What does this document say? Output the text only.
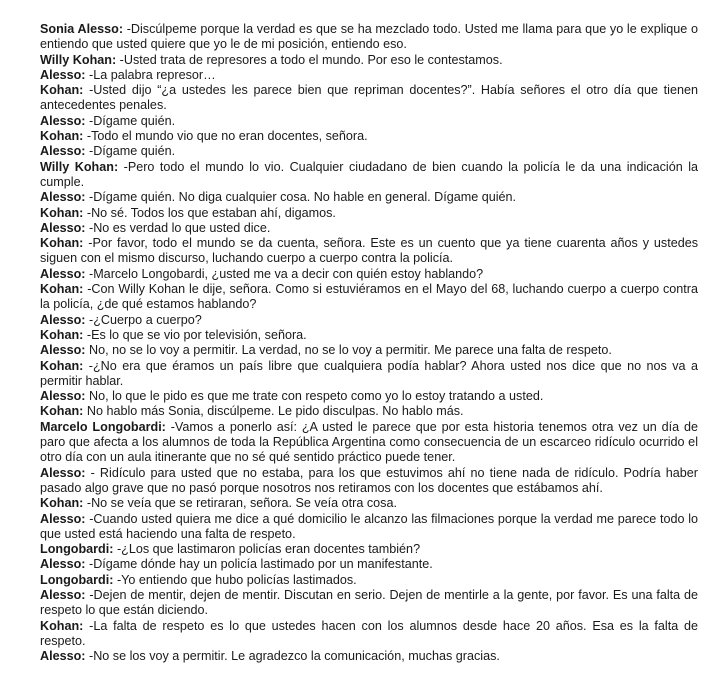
Sonia Alesso: -Discúlpeme porque la verdad es que se ha mezclado todo. Usted me llama para que yo le explique o entiendo que usted quiere que yo le de mi posición, entiendo eso.

Willy Kohan: -Usted trata de represores a todo el mundo. Por eso le contestamos.

Alesso: -La palabra represor…

Kohan: -Usted dijo “¿a ustedes les parece bien que repriman docentes?”. Había señores el otro día que tienen antecedentes penales.

Alesso: -Dígame quién.

Kohan: -Todo el mundo vio que no eran docentes, señora.

Alesso: -Dígame quién.

Willy Kohan: -Pero todo el mundo lo vio. Cualquier ciudadano de bien cuando la policía le da una indicación la cumple.

Alesso: -Dígame quién. No diga cualquier cosa. No hable en general. Dígame quién.

Kohan: -No sé. Todos los que estaban ahí, digamos.

Alesso: -No es verdad lo que usted dice.

Kohan: -Por favor, todo el mundo se da cuenta, señora. Este es un cuento que ya tiene cuarenta años y ustedes siguen con el mismo discurso, luchando cuerpo a cuerpo contra la policía.

Alesso: -Marcelo Longobardi, ¿usted me va a decir con quién estoy hablando?

Kohan: -Con Willy Kohan le dije, señora. Como si estuviéramos en el Mayo del 68, luchando cuerpo a cuerpo contra la policía, ¿de qué estamos hablando?

Alesso: -¿Cuerpo a cuerpo?

Kohan: -Es lo que se vio por televisión, señora.

Alesso: No, no se lo voy a permitir. La verdad, no se lo voy a permitir. Me parece una falta de respeto.

Kohan: -¿No era que éramos un país libre que cualquiera podía hablar? Ahora usted nos dice que no nos va a permitir hablar.

Alesso: No, lo que le pido es que me trate con respeto como yo lo estoy tratando a usted.

Kohan: No hablo más Sonia, discúlpeme. Le pido disculpas. No hablo más.

Marcelo Longobardi: -Vamos a ponerlo así: ¿A usted le parece que por esta historia tenemos otra vez un día de paro que afecta a los alumnos de toda la República Argentina como consecuencia de un escarceo ridículo ocurrido el otro día con un aula itinerante que no sé qué sentido práctico puede tener.

Alesso: - Ridículo para usted que no estaba, para los que estuvimos ahí no tiene nada de ridículo. Podría haber pasado algo grave que no pasó porque nosotros nos retiramos con los docentes que estábamos ahí.

Kohan: -No se veía que se retiraran, señora. Se veía otra cosa.

Alesso: -Cuando usted quiera me dice a qué domicilio le alcanzo las filmaciones porque la verdad me parece todo lo que usted está haciendo una falta de respeto.

Longobardi: -¿Los que lastimaron policías eran docentes también?

Alesso: -Dígame dónde hay un policía lastimado por un manifestante.

Longobardi: -Yo entiendo que hubo policías lastimados.

Alesso: -Dejen de mentir, dejen de mentir. Discutan en serio. Dejen de mentirle a la gente, por favor. Es una falta de respeto lo que están diciendo.

Kohan: -La falta de respeto es lo que ustedes hacen con los alumnos desde hace 20 años. Esa es la falta de respeto.

Alesso: -No se los voy a permitir. Le agradezco la comunicación, muchas gracias.
